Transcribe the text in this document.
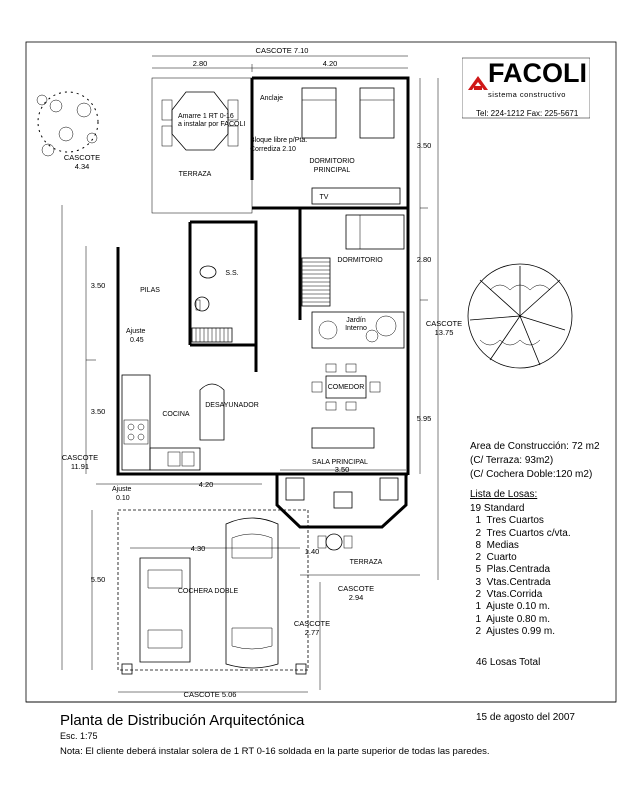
DORMITORIO PRINCIPAL
DORMITORIO
TERRAZA
S.S.
PILAS
COCINA
DESAYUNADOR
COMEDOR
SALA PRINCIPAL
Jardín Interno
TERRAZA
COCHERA DOBLE
TV
Amarre 1 RT 0-16 a instalar por FACOLI
Anclaje
Bloque libre p/Pta. Corrediza 2.10
Ajuste 0.45
Ajuste 0.10
CASCOTE 7.10
2.80	4.20
CASCOTE 4.34
3.50
2.80
3.50
3.50
CASCOTE 13.75
5.95
CASCOTE 11.91
4.20
3.50
4.30
5.50
1.40
CASCOTE 2.94
CASCOTE 2.77
CASCOTE 5.06
FACOLI
sistema constructivo
Tel: 224-1212 Fax: 225-5671
Area de Construcción: 72 m2
(C/ Terraza: 93m2)
(C/ Cochera Doble:120 m2)
Lista de Losas:
19 Standard
1  Tres Cuartos
2  Tres Cuartos c/vta.
8  Medias
2  Cuarto
5  Plas.Centrada
3  Vtas.Centrada
2  Vtas.Corrida
1  Ajuste 0.10 m.
1  Ajuste 0.80 m.
2  Ajustes 0.99 m.
46 Losas Total
Planta de Distribución Arquitectónica
Esc. 1:75
Nota: El cliente deberá instalar solera de 1 RT 0-16 soldada en la parte superior de todas las paredes.
15 de agosto del 2007
